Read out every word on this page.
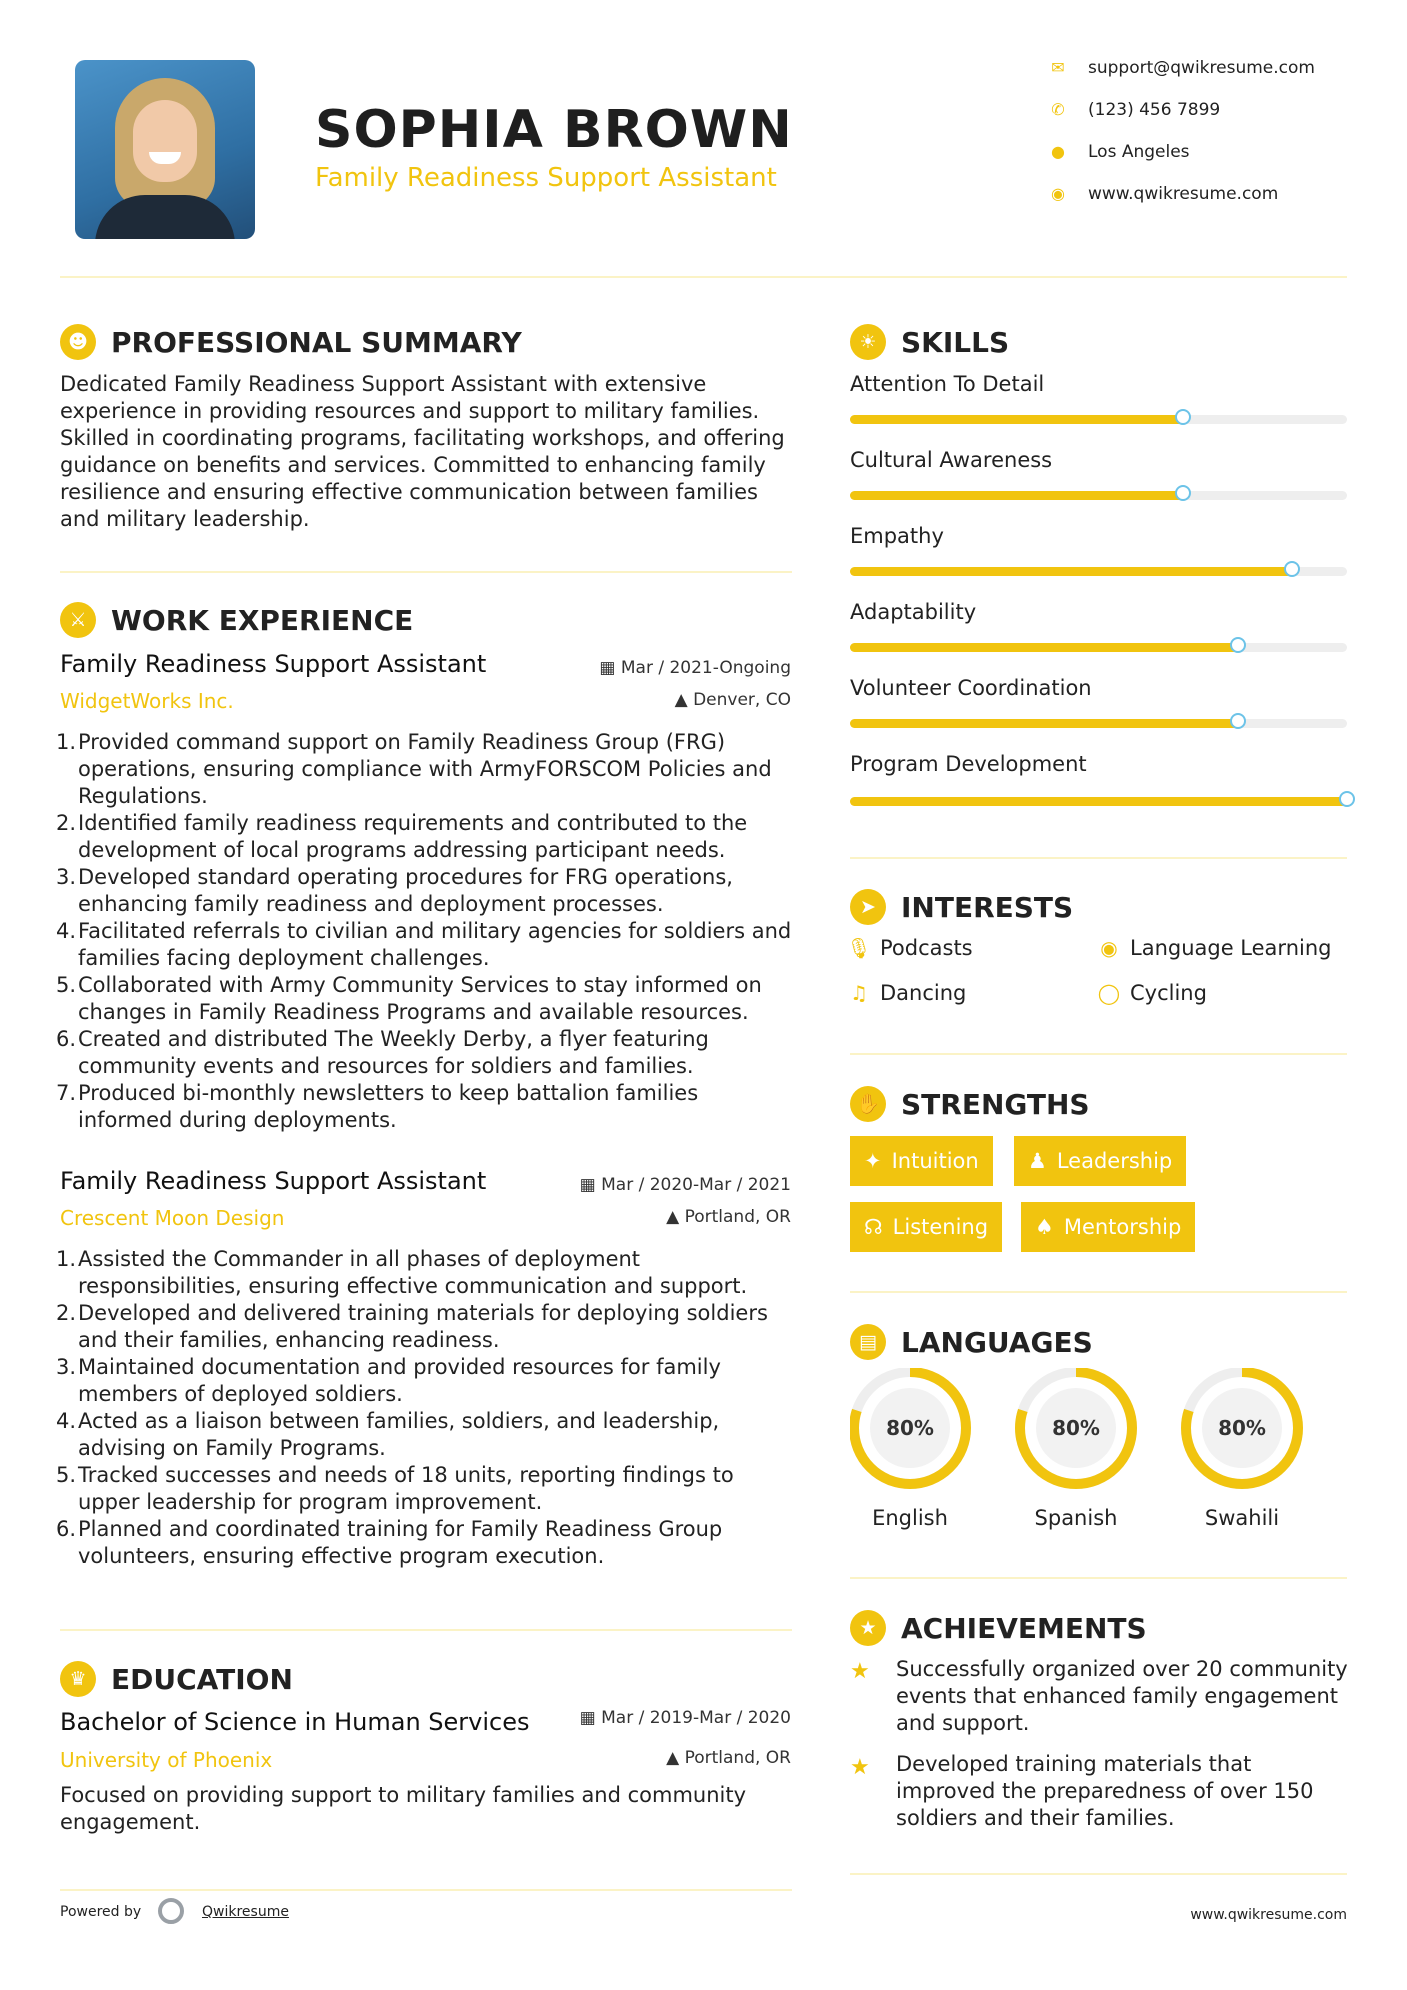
SOPHIA BROWN
Family Readiness Support Assistant
✉ support@qwikresume.com
✆ (123) 456 7899
● Los Angeles
◉ www.qwikresume.com
☻ PROFESSIONAL SUMMARY
Dedicated Family Readiness Support Assistant with extensive
experience in providing resources and support to military families.
Skilled in coordinating programs, facilitating workshops, and offering
guidance on benefits and services. Committed to enhancing family
resilience and ensuring effective communication between families
and military leadership.
⚔ WORK EXPERIENCE
Family Readiness Support Assistant	▦ Mar / 2021-Ongoing
WidgetWorks Inc.	▲ Denver, CO
Provided command support on Family Readiness Group (FRG)
operations, ensuring compliance with ArmyFORSCOM Policies and
Regulations.
Identified family readiness requirements and contributed to the
development of local programs addressing participant needs.
Developed standard operating procedures for FRG operations,
enhancing family readiness and deployment processes.
Facilitated referrals to civilian and military agencies for soldiers and
families facing deployment challenges.
Collaborated with Army Community Services to stay informed on
changes in Family Readiness Programs and available resources.
Created and distributed The Weekly Derby, a flyer featuring
community events and resources for soldiers and families.
Produced bi-monthly newsletters to keep battalion families
informed during deployments.
Family Readiness Support Assistant	▦ Mar / 2020-Mar / 2021
Crescent Moon Design	▲ Portland, OR
Assisted the Commander in all phases of deployment
responsibilities, ensuring effective communication and support.
Developed and delivered training materials for deploying soldiers
and their families, enhancing readiness.
Maintained documentation and provided resources for family
members of deployed soldiers.
Acted as a liaison between families, soldiers, and leadership,
advising on Family Programs.
Tracked successes and needs of 18 units, reporting findings to
upper leadership for program improvement.
Planned and coordinated training for Family Readiness Group
volunteers, ensuring effective program execution.
♛ EDUCATION
Bachelor of Science in Human Services	▦ Mar / 2019-Mar / 2020
University of Phoenix	▲ Portland, OR
Focused on providing support to military families and community
engagement.
☀ SKILLS
Attention To Detail
Cultural Awareness
Empathy
Adaptability
Volunteer Coordination
Program Development
➤ INTERESTS
🎙 Podcasts	◉ Language Learning
♫ Dancing	◯ Cycling
✋ STRENGTHS
✦ Intuition	♟ Leadership
☊ Listening	♠ Mentorship
▤ LANGUAGES
80%	80%	80%
English	Spanish	Swahili
★ ACHIEVEMENTS
★ Successfully organized over 20 community
events that enhanced family engagement
and support.
★ Developed training materials that
improved the preparedness of over 150
soldiers and their families.
Powered by	Qwikresume	www.qwikresume.com
